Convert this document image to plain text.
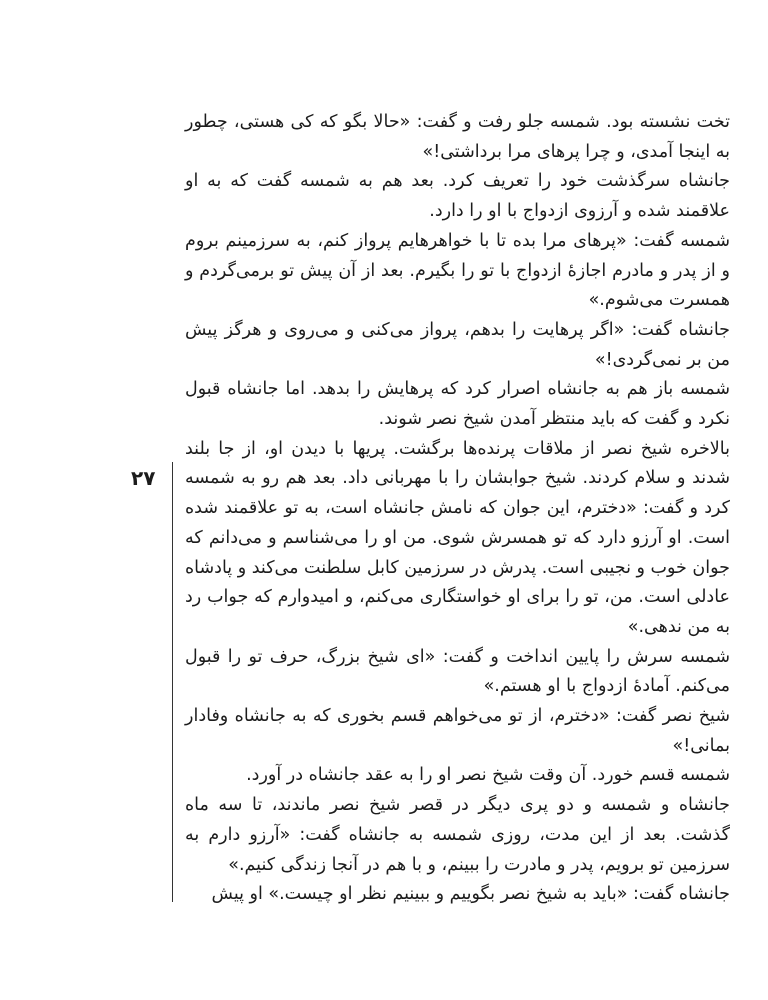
۲۷

تخت نشسته بود. شمسه جلو رفت و گفت: «حالا بگو که کی هستی، چطور به اینجا آمدی، و چرا پرهای مرا برداشتی!»

جانشاه سرگذشت خود را تعریف کرد. بعد هم به شمسه گفت که به او علاقمند شده و آرزوی ازدواج با او را دارد.

شمسه گفت: «پرهای مرا بده تا با خواهرهایم پرواز کنم، به سرزمینم بروم و از پدر و مادرم اجازهٔ ازدواج با تو را بگیرم. بعد از آن پیش تو برمی‌گردم و همسرت می‌شوم.»

جانشاه گفت: «اگر پرهایت را بدهم، پرواز می‌کنی و می‌روی و هرگز پیش من بر نمی‌گردی!»

شمسه باز هم به جانشاه اصرار کرد که پرهایش را بدهد. اما جانشاه قبول نکرد و گفت که باید منتظر آمدن شیخ نصر شوند.

بالاخره شیخ نصر از ملاقات پرنده‌ها برگشت. پریها با دیدن او، از جا بلند شدند و سلام کردند. شیخ جوابشان را با مهربانی داد. بعد هم رو به شمسه کرد و گفت: «دخترم، این جوان که نامش جانشاه است، به تو علاقمند شده است. او آرزو دارد که تو همسرش شوی. من او را می‌شناسم و می‌دانم که جوان خوب و نجیبی است. پدرش در سرزمین کابل سلطنت می‌کند و پادشاه عادلی است. من، تو را برای او خواستگاری می‌کنم، و امیدوارم که جواب رد به من ندهی.»

شمسه سرش را پایین انداخت و گفت: «ای شیخ بزرگ، حرف تو را قبول می‌کنم. آمادهٔ ازدواج با او هستم.»

شیخ نصر گفت: «دخترم، از تو می‌خواهم قسم بخوری که به جانشاه وفادار بمانی!»

شمسه قسم خورد. آن وقت شیخ نصر او را به عقد جانشاه در آورد.

جانشاه و شمسه و دو پری دیگر در قصر شیخ نصر ماندند، تا سه ماه گذشت. بعد از این مدت، روزی شمسه به جانشاه گفت: «آرزو دارم به سرزمین تو برویم، پدر و مادرت را ببینم، و با هم در آنجا زندگی کنیم.»

جانشاه گفت: «باید به شیخ نصر بگوییم و ببینیم نظر او چیست.» او پیش
